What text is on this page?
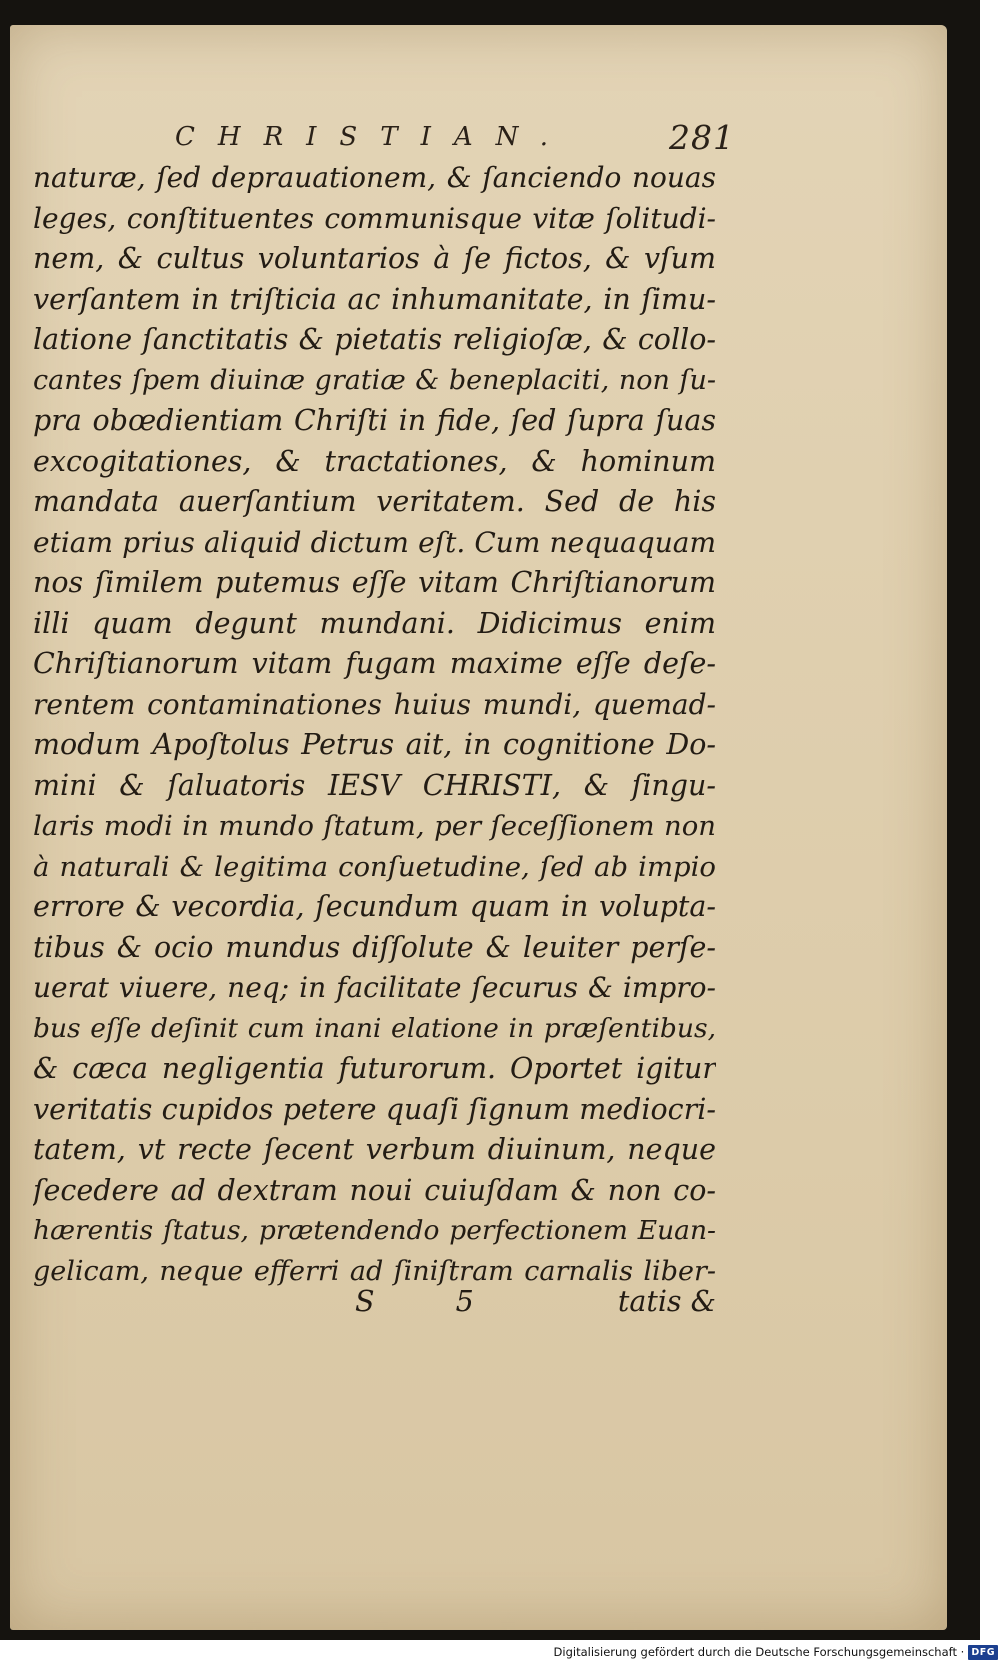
CHRISTIAN.	281
naturæ, ſed deprauationem, & ſanciendo nouas
leges, conſtituentes communisque vitæ ſolitudi-
nem, & cultus voluntarios à ſe fictos, & vſum
verſantem in triſticia ac inhumanitate, in ſimu-
latione ſanctitatis & pietatis religioſæ, & collo-
cantes ſpem diuinæ gratiæ & beneplaciti, non ſu-
pra obœdientiam Chriſti in fide, ſed ſupra ſuas
excogitationes, & tractationes, & hominum
mandata auerſantium veritatem. Sed de his
etiam prius aliquid dictum eſt. Cum nequaquam
nos ſimilem putemus eſſe vitam Chriſtianorum
illi quam degunt mundani. Didicimus enim
Chriſtianorum vitam fugam maxime eſſe deſe-
rentem contaminationes huius mundi, quemad-
modum Apoſtolus Petrus ait, in cognitione Do-
mini & ſaluatoris IESV CHRISTI, & ſingu-
laris modi in mundo ſtatum, per ſeceſſionem non
à naturali & legitima conſuetudine, ſed ab impio
errore & vecordia, ſecundum quam in volupta-
tibus & ocio mundus diſſolute & leuiter perſe-
uerat viuere, neq; in facilitate ſecurus & impro-
bus eſſe deſinit cum inani elatione in præſentibus,
& cæca negligentia futurorum. Oportet igitur
veritatis cupidos petere quaſi ſignum mediocri-
tatem, vt recte ſecent verbum diuinum, neque
ſecedere ad dextram noui cuiuſdam & non co-
hærentis ſtatus, prætendendo perfectionem Euan-
gelicam, neque efferri ad ſiniſtram carnalis liber-
S 5	tatis &
Digitalisierung gefördert durch die Deutsche Forschungsgemeinschaft · DFG
